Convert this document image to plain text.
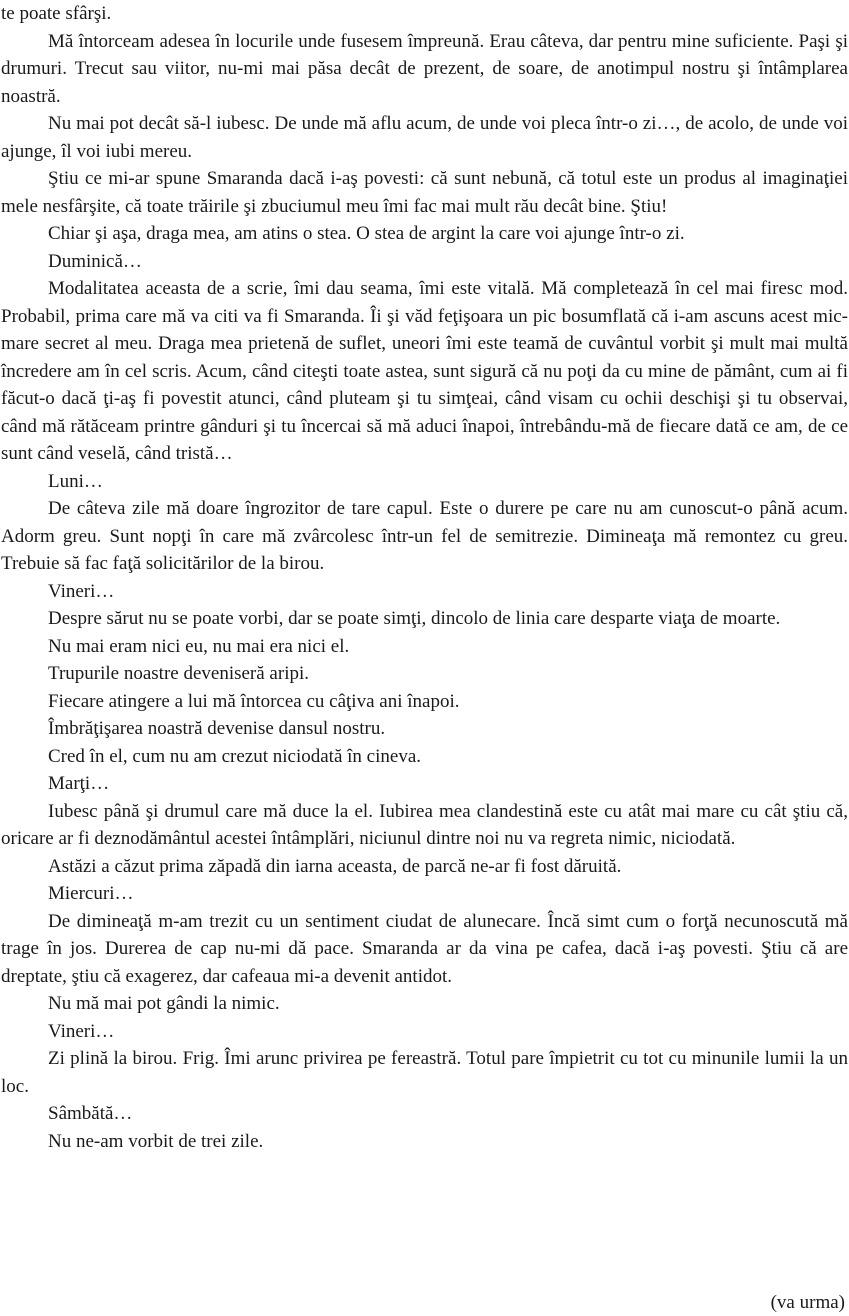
te poate sfârşi.

Mă întorceam adesea în locurile unde fusesem împreună. Erau câteva, dar pentru mine suficiente. Paşi şi drumuri. Trecut sau viitor, nu-mi mai păsa decât de prezent, de soare, de anotimpul nostru şi întâmplarea noastră.

Nu mai pot decât să-l iubesc. De unde mă aflu acum, de unde voi pleca într-o zi…, de acolo, de unde voi ajunge, îl voi iubi mereu.

Ştiu ce mi-ar spune Smaranda dacă i-aş povesti: că sunt nebună, că totul este un produs al imaginaţiei mele nesfârşite, că toate trăirile şi zbuciumul meu îmi fac mai mult rău decât bine. Ştiu!

Chiar şi aşa, draga mea, am atins o stea. O stea de argint la care voi ajunge într-o zi.

Duminică…

Modalitatea aceasta de a scrie, îmi dau seama, îmi este vitală. Mă completează în cel mai firesc mod. Probabil, prima care mă va citi va fi Smaranda. Îi şi văd feţişoara un pic bosumflată că i-am ascuns acest mic-mare secret al meu. Draga mea prietenă de suflet, uneori îmi este teamă de cuvântul vorbit şi mult mai multă încredere am în cel scris. Acum, când citeşti toate astea, sunt sigură că nu poţi da cu mine de pământ, cum ai fi făcut-o dacă ţi-aş fi povestit atunci, când pluteam şi tu simţeai, când visam cu ochii deschişi şi tu observai, când mă rătăceam printre gânduri şi tu încercai să mă aduci înapoi, întrebându-mă de fiecare dată ce am, de ce sunt când veselă, când tristă…

Luni…

De câteva zile mă doare îngrozitor de tare capul. Este o durere pe care nu am cunoscut-o până acum. Adorm greu. Sunt nopţi în care mă zvârcolesc într-un fel de semitrezie. Dimineaţa mă remontez cu greu. Trebuie să fac faţă solicitărilor de la birou.

Vineri…

Despre sărut nu se poate vorbi, dar se poate simţi, dincolo de linia care desparte viaţa de moarte.

Nu mai eram nici eu, nu mai era nici el.

Trupurile noastre deveniseră aripi.

Fiecare atingere a lui mă întorcea cu câţiva ani înapoi.

Îmbrăţişarea noastră devenise dansul nostru.

Cred în el, cum nu am crezut niciodată în cineva.

Marţi…

Iubesc până şi drumul care mă duce la el. Iubirea mea clandestină este cu atât mai mare cu cât ştiu că, oricare ar fi deznodământul acestei întâmplări, niciunul dintre noi nu va regreta nimic, niciodată.

Astăzi a căzut prima zăpadă din iarna aceasta, de parcă ne-ar fi fost dăruită.

Miercuri…

De dimineaţă m-am trezit cu un sentiment ciudat de alunecare. Încă simt cum o forţă necunoscută mă trage în jos. Durerea de cap nu-mi dă pace. Smaranda ar da vina pe cafea, dacă i-aş povesti. Ştiu că are dreptate, ştiu că exagerez, dar cafeaua mi-a devenit antidot.

Nu mă mai pot gândi la nimic.

Vineri…

Zi plină la birou. Frig. Îmi arunc privirea pe fereastră. Totul pare împietrit cu tot cu minunile lumii la un loc.

Sâmbătă…

Nu ne-am vorbit de trei zile.

(va urma)
